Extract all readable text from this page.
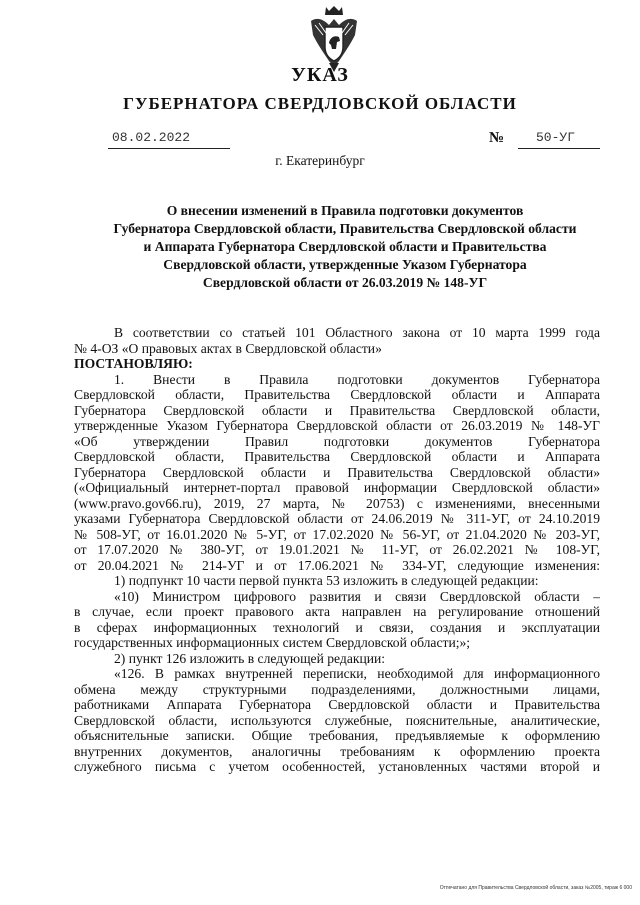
УКАЗ
ГУБЕРНАТОРА СВЕРДЛОВСКОЙ ОБЛАСТИ
08.02.2022	№ 50-УГ
г. Екатеринбург
О внесении изменений в Правила подготовки документов
Губернатора Свердловской области, Правительства Свердловской области
и Аппарата Губернатора Свердловской области и Правительства
Свердловской области, утвержденные Указом Губернатора
Свердловской области от 26.03.2019 № 148-УГ
В соответствии со статьей 101 Областного закона от 10 марта 1999 года
№ 4-ОЗ «О правовых актах в Свердловской области»
ПОСТАНОВЛЯЮ:
1. Внести в Правила подготовки документов Губернатора
Свердловской области, Правительства Свердловской области и Аппарата
Губернатора Свердловской области и Правительства Свердловской области,
утвержденные Указом Губернатора Свердловской области от 26.03.2019 № 148-УГ
«Об утверждении Правил подготовки документов Губернатора
Свердловской области, Правительства Свердловской области и Аппарата
Губернатора Свердловской области и Правительства Свердловской области»
(«Официальный интернет-портал правовой информации Свердловской области»
(www.pravo.gov66.ru), 2019, 27 марта, № 20753) с изменениями, внесенными
указами Губернатора Свердловской области от 24.06.2019 № 311-УГ, от 24.10.2019
№ 508-УГ, от 16.01.2020 № 5-УГ, от 17.02.2020 № 56-УГ, от 21.04.2020 № 203-УГ,
от 17.07.2020 № 380-УГ, от 19.01.2021 № 11-УГ, от 26.02.2021 № 108-УГ,
от 20.04.2021 № 214-УГ и от 17.06.2021 № 334-УГ, следующие изменения:
1) подпункт 10 части первой пункта 53 изложить в следующей редакции:
«10) Министром цифрового развития и связи Свердловской области –
в случае, если проект правового акта направлен на регулирование отношений
в сферах информационных технологий и связи, создания и эксплуатации
государственных информационных систем Свердловской области;»;
2) пункт 126 изложить в следующей редакции:
«126. В рамках внутренней переписки, необходимой для информационного
обмена между структурными подразделениями, должностными лицами,
работниками Аппарата Губернатора Свердловской области и Правительства
Свердловской области, используются служебные, пояснительные, аналитические,
объяснительные записки. Общие требования, предъявляемые к оформлению
внутренних документов, аналогичны требованиям к оформлению проекта
служебного письма с учетом особенностей, установленных частями второй и
Отпечатано для Правительства Свердловской области, заказ №2005, тираж 6 000
